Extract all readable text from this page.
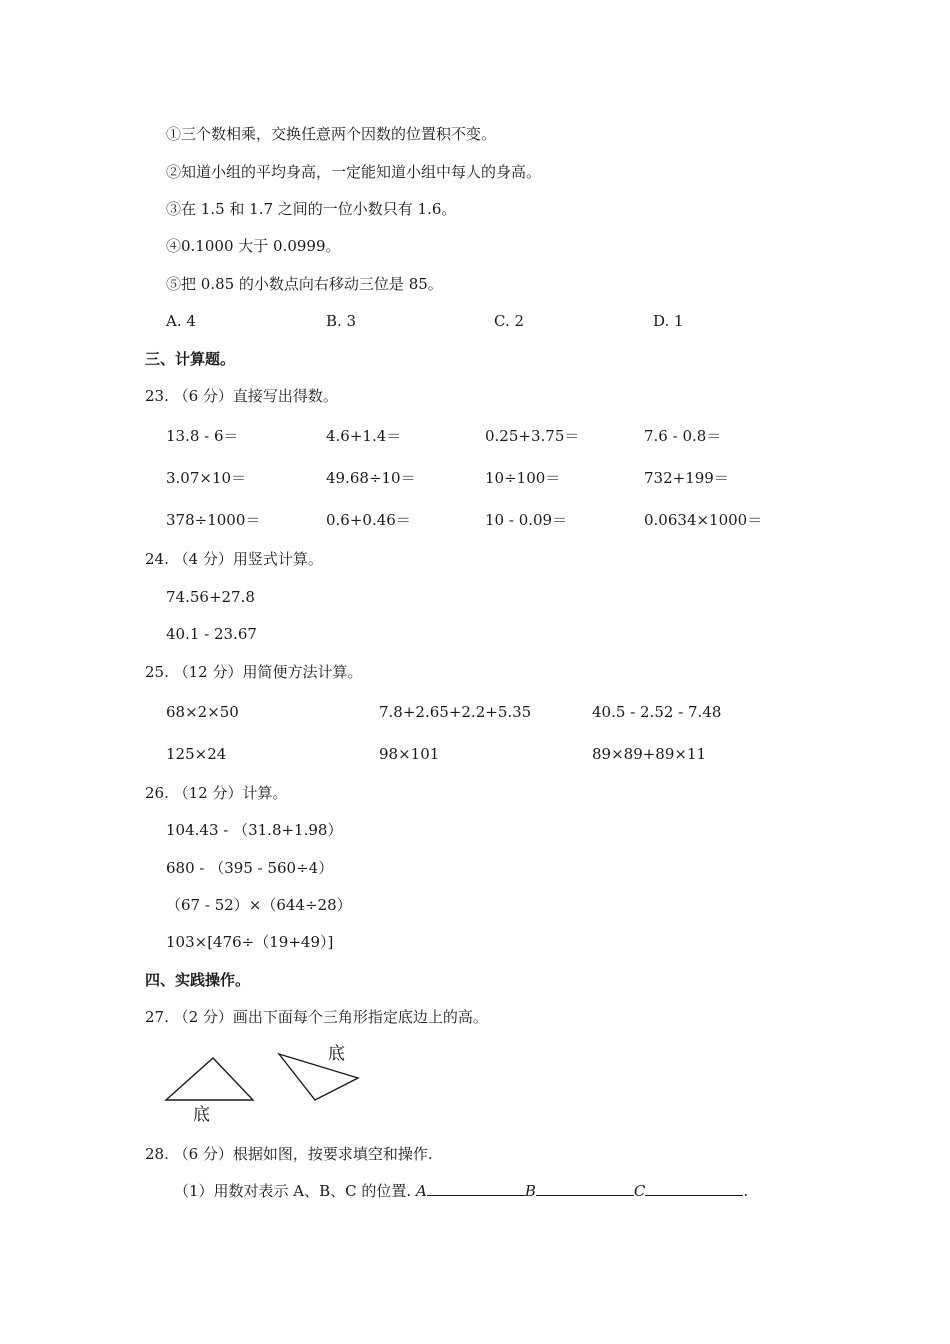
①三个数相乘，交换任意两个因数的位置积不变。
②知道小组的平均身高，一定能知道小组中每人的身高。
③在 1.5 和 1.7 之间的一位小数只有 1.6。
④0.1000 大于 0.0999。
⑤把 0.85 的小数点向右移动三位是 85。
A. 4	B. 3	C. 2	D. 1
三、计算题。
23. （6 分）直接写出得数。
13.8 - 6＝	4.6+1.4＝	0.25+3.75＝	7.6 - 0.8＝
3.07×10＝	49.68÷10＝	10÷100＝	732+199＝
378÷1000＝	0.6+0.46＝	10 - 0.09＝	0.0634×1000＝
24. （4 分）用竖式计算。
74.56+27.8
40.1 - 23.67
25. （12 分）用简便方法计算。
68×2×50	7.8+2.65+2.2+5.35	40.5 - 2.52 - 7.48
125×24	98×101	89×89+89×11
26. （12 分）计算。
104.43 - （31.8+1.98）
680 - （395 - 560÷4）
（67 - 52）×（644÷28）
103×[476÷（19+49）]
四、实践操作。
27. （2 分）画出下面每个三角形指定底边上的高。
底
底
28. （6 分）根据如图，按要求填空和操作.
（1）用数对表示 A、B、C 的位置. A	B	C	.
